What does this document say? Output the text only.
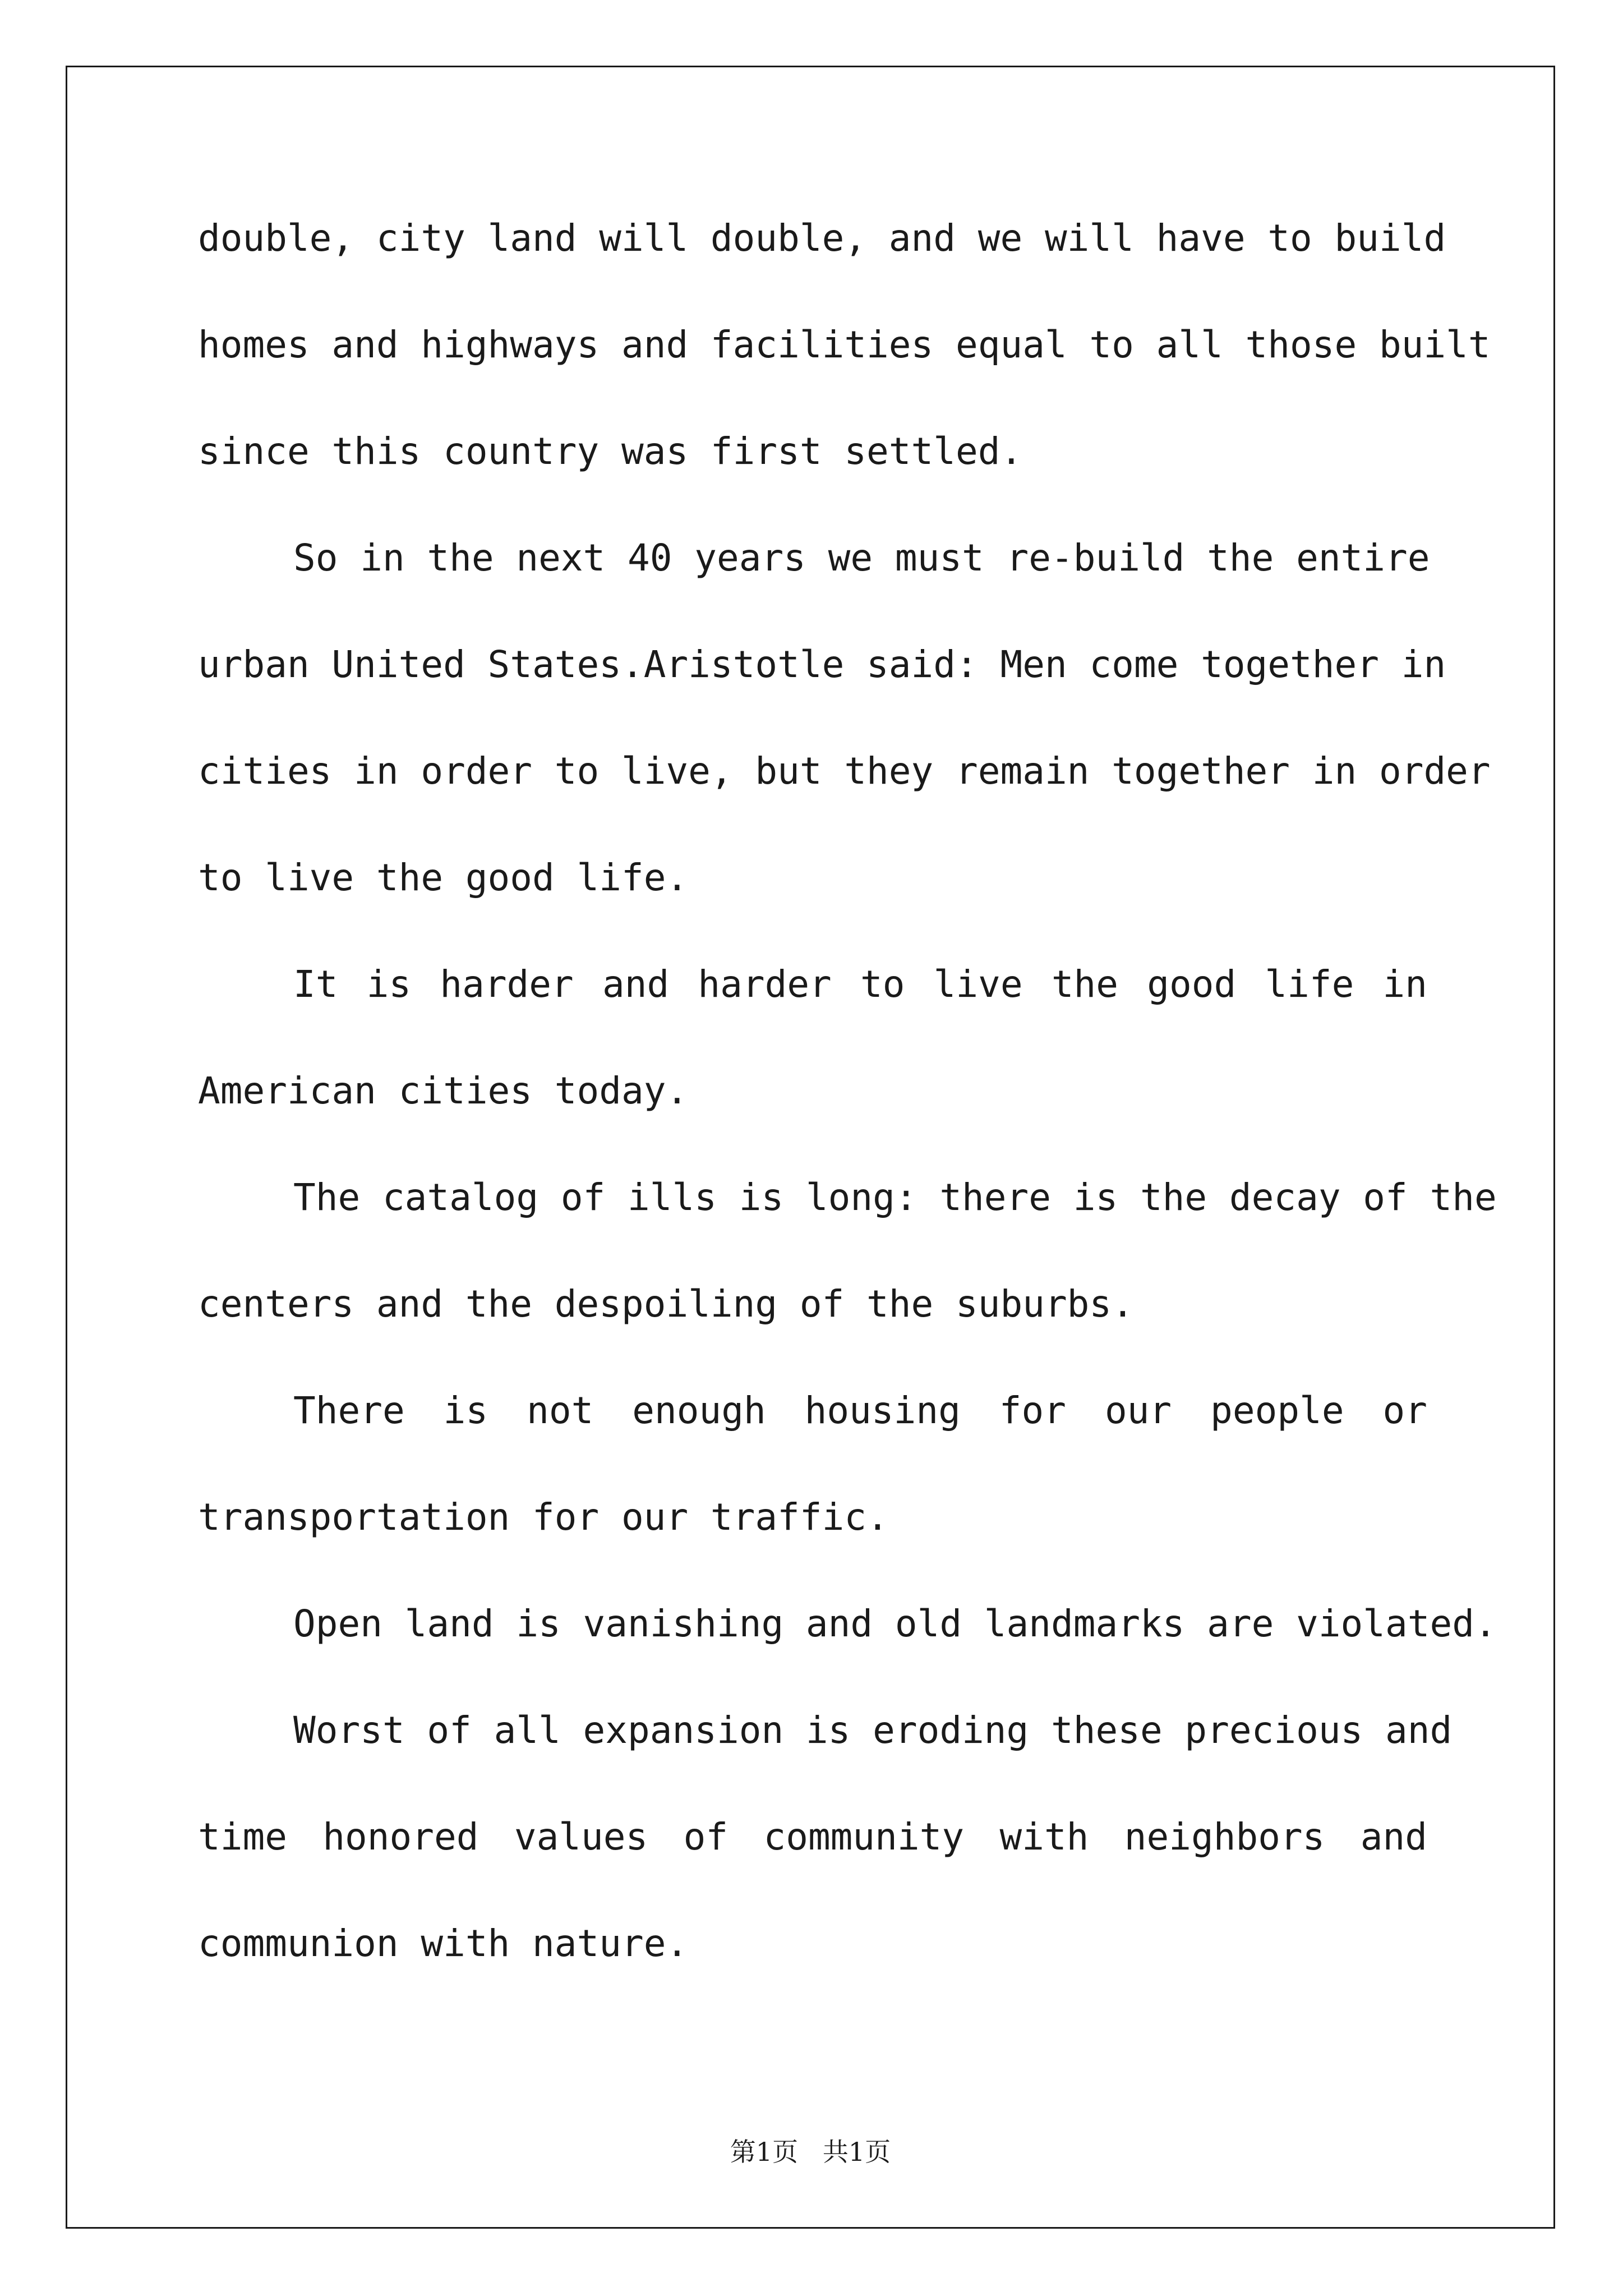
double, city land will double, and we will have to build
homes and highways and facilities equal to all those built
since this country was first settled.
So in the next 40 years we must re-build the entire
urban United States.Aristotle said: Men come together in
cities in order to live, but they remain together in order
to live the good life.
It is harder and harder to live the good life in
American cities today.
The catalog of ills is long: there is the decay of the
centers and the despoiling of the suburbs.
There is not enough housing for our people or
transportation for our traffic.
Open land is vanishing and old landmarks are violated.
Worst of all expansion is eroding these precious and
time honored values of community with neighbors and
communion with nature.
第1页   共1页
